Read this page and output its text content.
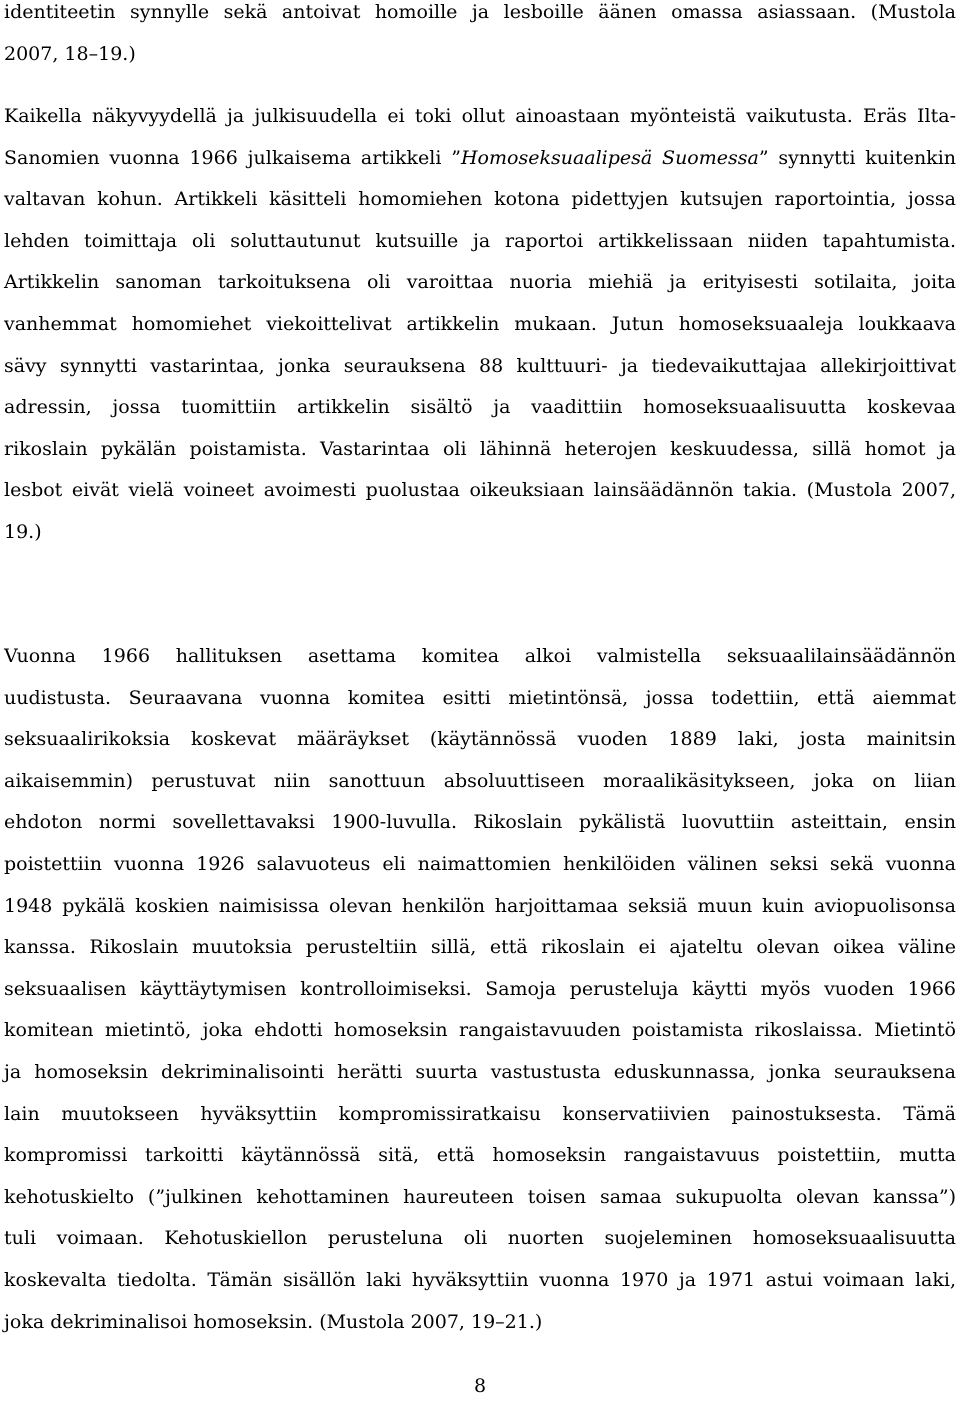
identiteetin synnylle sekä antoivat homoille ja lesboille äänen omassa asiassaan. (Mustola
2007, 18–19.)

Kaikella näkyvyydellä ja julkisuudella ei toki ollut ainoastaan myönteistä vaikutusta. Eräs Ilta-
Sanomien vuonna 1966 julkaisema artikkeli ”Homoseksuaalipesä Suomessa” synnytti kuitenkin
valtavan kohun. Artikkeli käsitteli homomiehen kotona pidettyjen kutsujen raportointia, jossa
lehden toimittaja oli soluttautunut kutsuille ja raportoi artikkelissaan niiden tapahtumista.
Artikkelin sanoman tarkoituksena oli varoittaa nuoria miehiä ja erityisesti sotilaita, joita
vanhemmat homomiehet viekoittelivat artikkelin mukaan. Jutun homoseksuaaleja loukkaava
sävy synnytti vastarintaa, jonka seurauksena 88 kulttuuri- ja tiedevaikuttajaa allekirjoittivat
adressin, jossa tuomittiin artikkelin sisältö ja vaadittiin homoseksuaalisuutta koskevaa
rikoslain pykälän poistamista. Vastarintaa oli lähinnä heterojen keskuudessa, sillä homot ja
lesbot eivät vielä voineet avoimesti puolustaa oikeuksiaan lainsäädännön takia. (Mustola 2007,
19.)

Vuonna 1966 hallituksen asettama komitea alkoi valmistella seksuaalilainsäädännön
uudistusta. Seuraavana vuonna komitea esitti mietintönsä, jossa todettiin, että aiemmat
seksuaalirikoksia koskevat määräykset (käytännössä vuoden 1889 laki, josta mainitsin
aikaisemmin) perustuvat niin sanottuun absoluuttiseen moraalikäsitykseen, joka on liian
ehdoton normi sovellettavaksi 1900-luvulla. Rikoslain pykälistä luovuttiin asteittain, ensin
poistettiin vuonna 1926 salavuoteus eli naimattomien henkilöiden välinen seksi sekä vuonna
1948 pykälä koskien naimisissa olevan henkilön harjoittamaa seksiä muun kuin aviopuolisonsa
kanssa. Rikoslain muutoksia perusteltiin sillä, että rikoslain ei ajateltu olevan oikea väline
seksuaalisen käyttäytymisen kontrolloimiseksi. Samoja perusteluja käytti myös vuoden 1966
komitean mietintö, joka ehdotti homoseksin rangaistavuuden poistamista rikoslaissa. Mietintö
ja homoseksin dekriminalisointi herätti suurta vastustusta eduskunnassa, jonka seurauksena
lain muutokseen hyväksyttiin kompromissiratkaisu konservatiivien painostuksesta. Tämä
kompromissi tarkoitti käytännössä sitä, että homoseksin rangaistavuus poistettiin, mutta
kehotuskielto (”julkinen kehottaminen haureuteen toisen samaa sukupuolta olevan kanssa”)
tuli voimaan. Kehotuskiellon perusteluna oli nuorten suojeleminen homoseksuaalisuutta
koskevalta tiedolta. Tämän sisällön laki hyväksyttiin vuonna 1970 ja 1971 astui voimaan laki,
joka dekriminalisoi homoseksin. (Mustola 2007, 19–21.)

8
